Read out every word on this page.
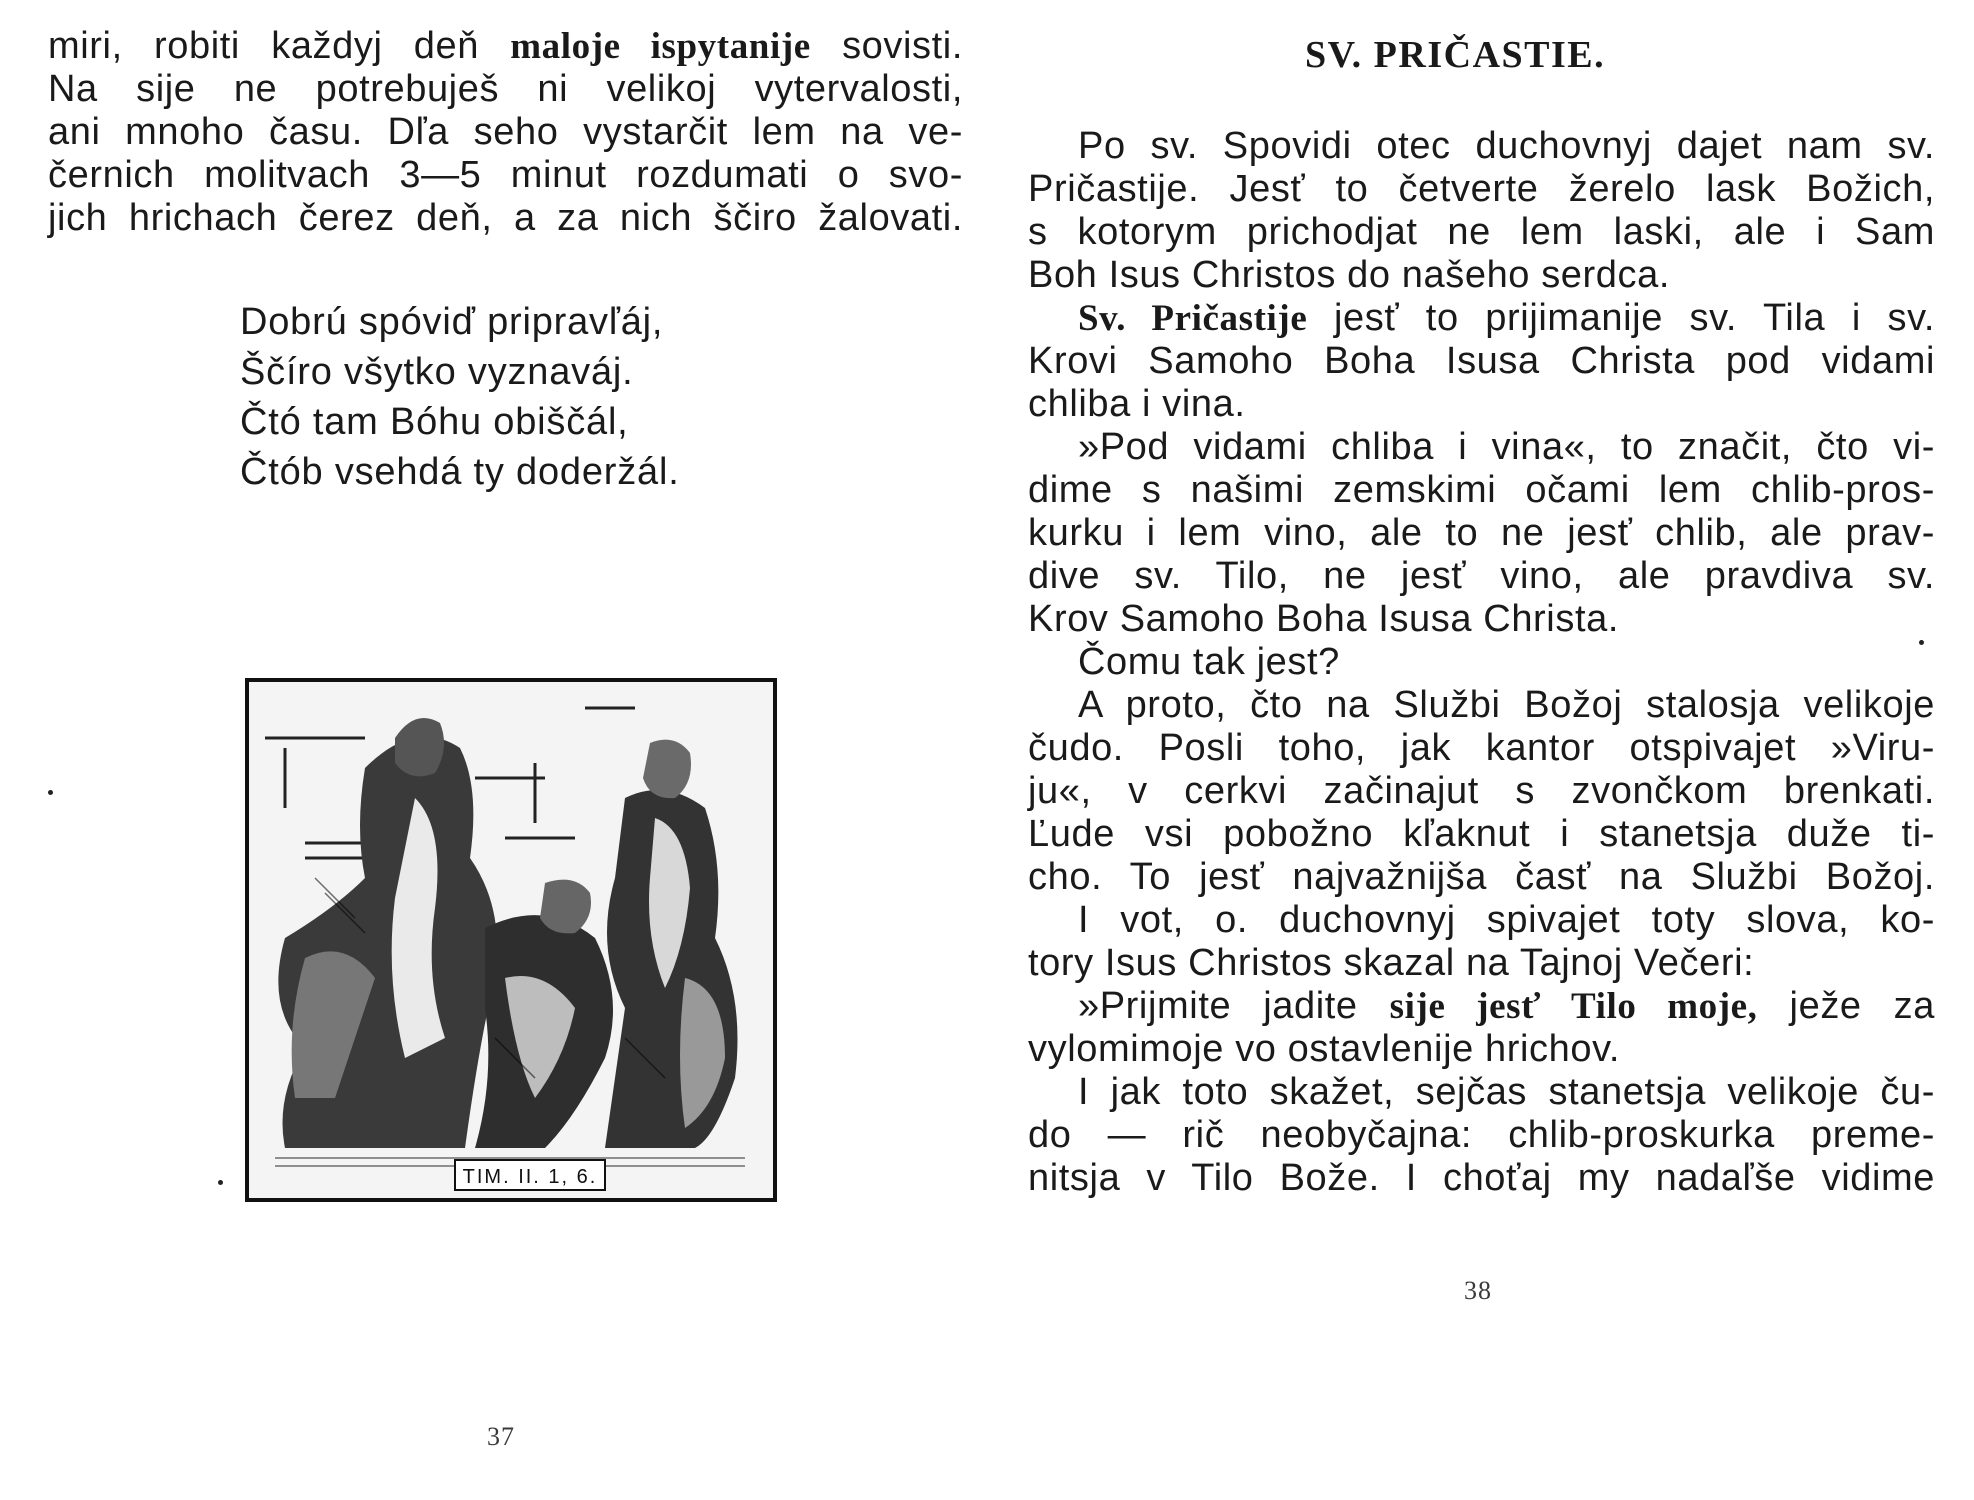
miri, robiti každyj deň maloje ispytanije sovisti.
Na sije ne potrebuješ ni velikoj vytervalosti,
ani mnoho času. Dľa seho vystarčit lem na ve-
černich molitvach 3—5 minut rozdumati o svo-
jich hrichach čerez deň, a za nich ščiro žalovati.
Dobrú spóviď pripravľáj,
Ščíro všytko vyznaváj.
Čtó tam Bóhu obiščál,
Čtób vsehdá ty doderžál.
TIM. II. 1, 6.
37
SV. PRIČASTIE.
Po sv. Spovidi otec duchovnyj dajet nam sv.
Pričastije. Jesť to četverte žerelo lask Božich,
s kotorym prichodjat ne lem laski, ale i Sam
Boh Isus Christos do našeho serdca.
Sv. Pričastije jesť to prijimanije sv. Tila i sv.
Krovi Samoho Boha Isusa Christa pod vidami
chliba i vina.
»Pod vidami chliba i vina«, to značit, čto vi-
dime s našimi zemskimi očami lem chlib-pros-
kurku i lem vino, ale to ne jesť chlib, ale prav-
dive sv. Tilo, ne jesť vino, ale pravdiva sv.
Krov Samoho Boha Isusa Christa.
Čomu tak jest?
A proto, čto na Službi Božoj stalosja velikoje
čudo. Posli toho, jak kantor otspivajet »Viru-
ju«, v cerkvi začinajut s zvončkom brenkati.
Ľude vsi pobožno kľaknut i stanetsja duže ti-
cho. To jesť najvažnijša časť na Službi Božoj.
I vot, o. duchovnyj spivajet toty slova, ko-
tory Isus Christos skazal na Tajnoj Večeri:
»Prijmite jadite sije jesť Tilo moje, ježe za
vylomimoje vo ostavlenije hrichov.
I jak toto skažet, sejčas stanetsja velikoje ču-
do — rič neobyčajna: chlib-proskurka preme-
nitsja v Tilo Bože. I choťaj my nadaľše vidime
38
